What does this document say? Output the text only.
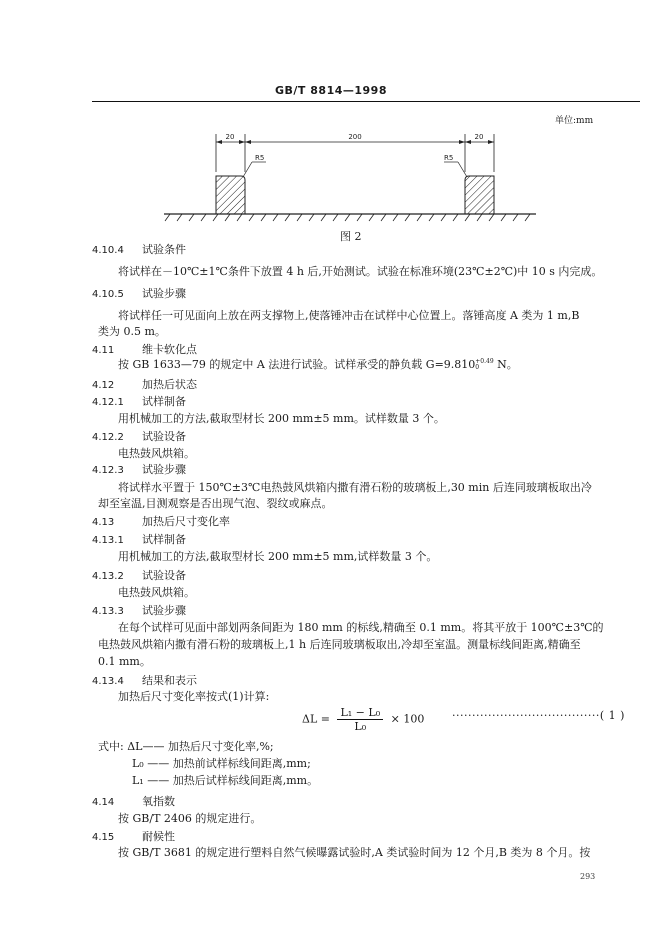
GB/T 8814—1998
单位:mm
20	200	20
R5	R5
图 2
4.10.4 试验条件
将试样在－10℃±1℃条件下放置 4 h 后,开始测试。试验在标准环境(23℃±2℃)中 10 s 内完成。
4.10.5 试验步骤
将试样任一可见面向上放在两支撑物上,使落锤冲击在试样中心位置上。落锤高度 A 类为 1 m,B
类为 0.5 m。
4.11	维卡软化点
按 GB 1633—79 的规定中 A 法进行试验。试样承受的静负载 G=9.810 +0.49
0	N。
4.12	加热后状态
4.12.1 试样制备
用机械加工的方法,截取型材长 200 mm±5 mm。试样数量 3 个。
4.12.2 试验设备
电热鼓风烘箱。
4.12.3 试验步骤
将试样水平置于 150℃±3℃电热鼓风烘箱内撒有滑石粉的玻璃板上,30 min 后连同玻璃板取出冷
却至室温,目测观察是否出现气泡、裂纹或麻点。
4.13	加热后尺寸变化率
4.13.1 试样制备
用机械加工的方法,截取型材长 200 mm±5 mm,试样数量 3 个。
4.13.2 试验设备
电热鼓风烘箱。
4.13.3 试验步骤
在每个试样可见面中部划两条间距为 180 mm 的标线,精确至 0.1 mm。将其平放于 100℃±3℃的
电热鼓风烘箱内撒有滑石粉的玻璃板上,1 h 后连同玻璃板取出,冷却至室温。测量标线间距离,精确至
0.1 mm。
4.13.4 结果和表示
加热后尺寸变化率按式(1)计算:
$\Delta L = \frac{\text{L₁ − L₀}}{\text{L₀}} \times 100$	·····································( 1 )
式中: ΔL—— 加热后尺寸变化率,%;
L₀ —— 加热前试样标线间距离,mm;
L₁ —— 加热后试样标线间距离,mm。
4.14	氧指数
按 GB/T 2406 的规定进行。
4.15	耐候性
按 GB/T 3681 的规定进行塑料自然气候曝露试验时,A 类试验时间为 12 个月,B 类为 8 个月。按
293
